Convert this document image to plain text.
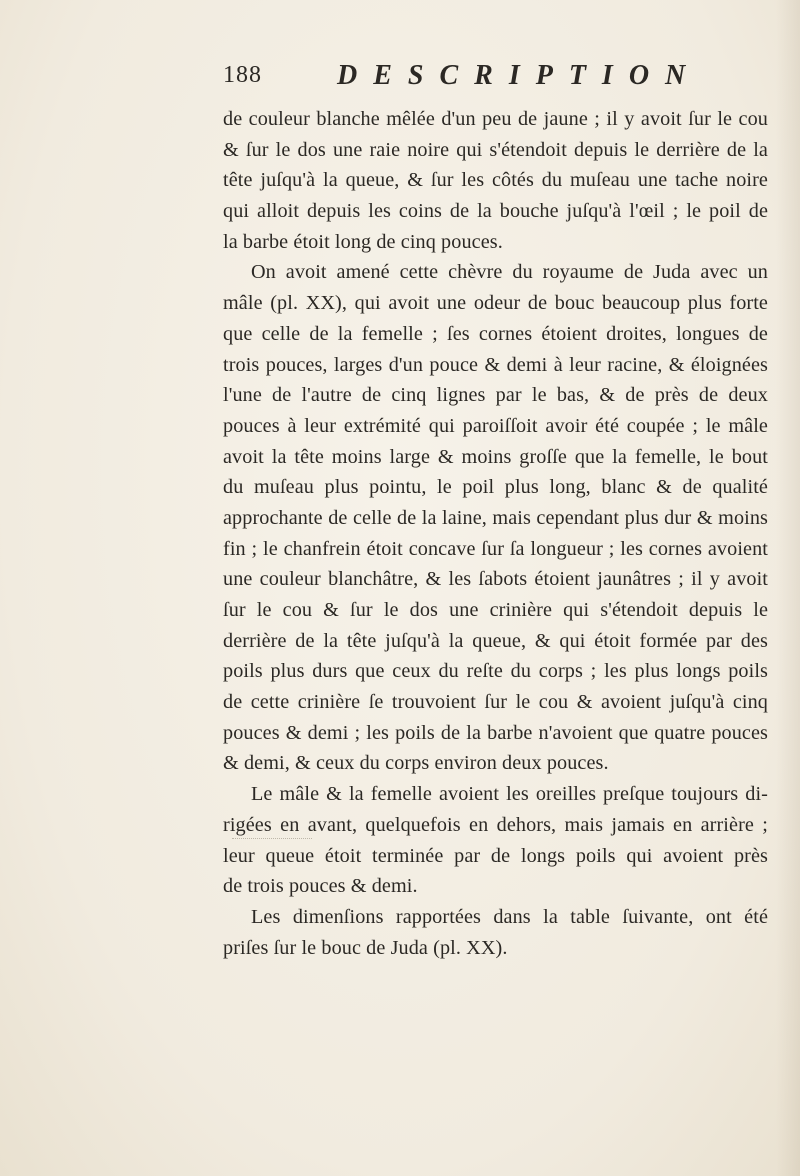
188	DESCRIPTION
de couleur blanche mêlée d'un peu de jaune ; il y avoit ſur le cou
& ſur le dos une raie noire qui s'étendoit depuis le derrière de la
tête juſqu'à la queue, & ſur les côtés du muſeau une tache noire
qui alloit depuis les coins de la bouche juſqu'à l'œil ; le poil de
la barbe étoit long de cinq pouces.
On avoit amené cette chèvre du royaume de Juda avec un
mâle (pl. XX), qui avoit une odeur de bouc beaucoup plus forte
que celle de la femelle ; ſes cornes étoient droites, longues de
trois pouces, larges d'un pouce & demi à leur racine, & éloignées
l'une de l'autre de cinq lignes par le bas, & de près de deux
pouces à leur extrémité qui paroiſſoit avoir été coupée ; le mâle
avoit la tête moins large & moins groſſe que la femelle, le bout
du muſeau plus pointu, le poil plus long, blanc & de qualité
approchante de celle de la laine, mais cependant plus dur & moins
fin ; le chanfrein étoit concave ſur ſa longueur ; les cornes avoient
une couleur blanchâtre, & les ſabots étoient jaunâtres ; il y avoit
ſur le cou & ſur le dos une crinière qui s'étendoit depuis le
derrière de la tête juſqu'à la queue, & qui étoit formée par des
poils plus durs que ceux du reſte du corps ; les plus longs poils
de cette crinière ſe trouvoient ſur le cou & avoient juſqu'à cinq
pouces & demi ; les poils de la barbe n'avoient que quatre pouces
& demi, & ceux du corps environ deux pouces.
Le mâle & la femelle avoient les oreilles preſque toujours di-
rigées en avant, quelquefois en dehors, mais jamais en arrière ;
leur queue étoit terminée par de longs poils qui avoient près
de trois pouces & demi.
Les dimenſions rapportées dans la table ſuivante, ont été
priſes ſur le bouc de Juda (pl. XX).
